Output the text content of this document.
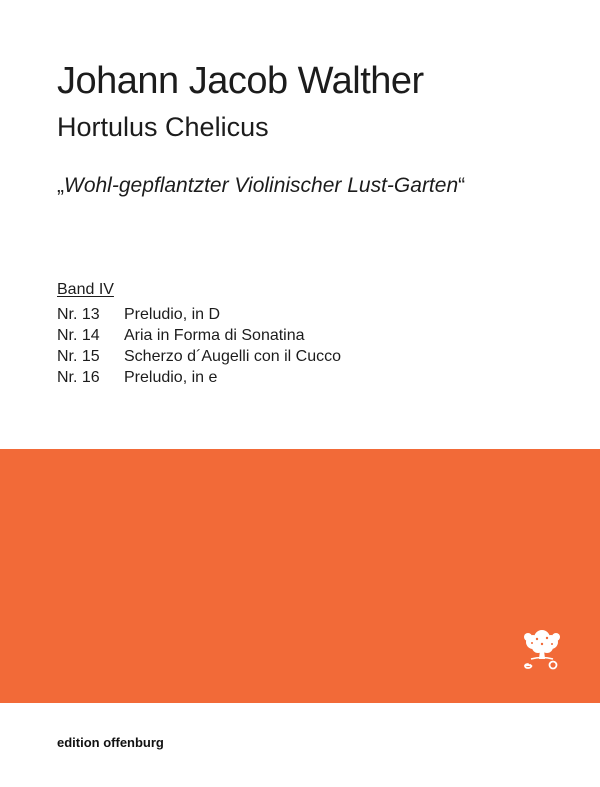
Johann Jacob Walther
Hortulus Chelicus
„Wohl-gepflantzter Violinischer Lust-Garten“
Band IV
Nr. 13	Preludio, in D
Nr. 14	Aria in Forma di Sonatina
Nr. 15	Scherzo d´Augelli con il Cucco
Nr. 16	Preludio, in e
edition offenburg
